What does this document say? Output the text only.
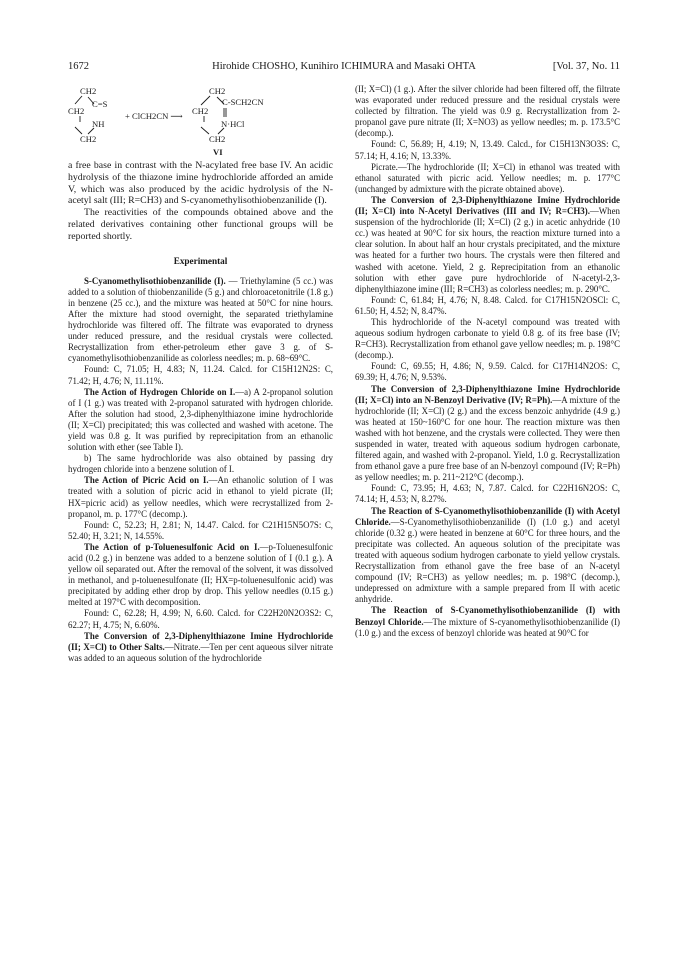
1672	Hirohide CHOSHO, Kunihiro ICHIMURA and Masaki OHTA	[Vol. 37, No. 11
CH2
C=S
CH2
NH
CH2
+ ClCH2CN ⟶
CH2
C-SCH2CN
CH2
N·HCl
CH2
VI

a free base in contrast with the N-acylated free base IV. An acidic hydrolysis of the thiazone imine hydrochloride afforded an amide V, which was also produced by the acidic hydrolysis of the N-acetyl salt (III; R=CH3) and S-cyanomethylisothiobenzanilide (I).

The reactivities of the compounds obtained above and the related derivatives containing other functional groups will be reported shortly.

Experimental

S-Cyanomethylisothiobenzanilide (I). — Triethylamine (5 cc.) was added to a solution of thiobenzanilide (5 g.) and chloroacetonitrile (1.8 g.) in benzene (25 cc.), and the mixture was heated at 50°C for nine hours. After the mixture had stood overnight, the separated triethylamine hydrochloride was filtered off. The filtrate was evaporated to dryness under reduced pressure, and the residual crystals were collected. Recrystallization from ether-petroleum ether gave 3 g. of S-cyanomethylisothiobenzanilide as colorless needles; m. p. 68~69°C.

Found: C, 71.05; H, 4.83; N, 11.24. Calcd. for C15H12N2S: C, 71.42; H, 4.76; N, 11.11%.

The Action of Hydrogen Chloride on I.—a) A 2-propanol solution of I (1 g.) was treated with 2-propanol saturated with hydrogen chloride. After the solution had stood, 2,3-diphenylthiazone imine hydrochloride (II; X=Cl) precipitated; this was collected and washed with acetone. The yield was 0.8 g. It was purified by reprecipitation from an ethanolic solution with ether (see Table I).

b) The same hydrochloride was also obtained by passing dry hydrogen chloride into a benzene solution of I.

The Action of Picric Acid on I.—An ethanolic solution of I was treated with a solution of picric acid in ethanol to yield picrate (II; HX=picric acid) as yellow needles, which were recrystallized from 2-propanol, m. p. 177°C (decomp.).

Found: C, 52.23; H, 2.81; N, 14.47. Calcd. for C21H15N5O7S: C, 52.40; H, 3.21; N, 14.55%.

The Action of p-Toluenesulfonic Acid on I.—p-Toluenesulfonic acid (0.2 g.) in benzene was added to a benzene solution of I (0.1 g.). A yellow oil separated out. After the removal of the solvent, it was dissolved in methanol, and p-toluenesulfonate (II; HX=p-toluenesulfonic acid) was precipitated by adding ether drop by drop. This yellow needles (0.15 g.) melted at 197°C with decomposition.

Found: C, 62.28; H, 4.99; N, 6.60. Calcd. for C22H20N2O3S2: C, 62.27; H, 4.75; N, 6.60%.

The Conversion of 2,3-Diphenylthiazone Imine Hydrochloride (II; X=Cl) to Other Salts.—Nitrate.—Ten per cent aqueous silver nitrate was added to an aqueous solution of the hydrochloride

(II; X=Cl) (1 g.). After the silver chloride had been filtered off, the filtrate was evaporated under reduced pressure and the residual crystals were collected by filtration. The yield was 0.9 g. Recrystallization from 2-propanol gave pure nitrate (II; X=NO3) as yellow needles; m. p. 173.5°C (decomp.).

Found: C, 56.89; H, 4.19; N, 13.49. Calcd., for C15H13N3O3S: C, 57.14; H, 4.16; N, 13.33%.

Picrate.—The hydrochloride (II; X=Cl) in ethanol was treated with ethanol saturated with picric acid. Yellow needles; m. p. 177°C (unchanged by admixture with the picrate obtained above).

The Conversion of 2,3-Diphenylthiazone Imine Hydrochloride (II; X=Cl) into N-Acetyl Derivatives (III and IV; R=CH3).—When suspension of the hydrochloride (II; X=Cl) (2 g.) in acetic anhydride (10 cc.) was heated at 90°C for six hours, the reaction mixture turned into a clear solution. In about half an hour crystals precipitated, and the mixture was heated for a further two hours. The crystals were then filtered and washed with acetone. Yield, 2 g. Reprecipitation from an ethanolic solution with ether gave pure hydrochloride of N-acetyl-2,3-diphenylthiazone imine (III; R=CH3) as colorless needles; m. p. 290°C.

Found: C, 61.84; H, 4.76; N, 8.48. Calcd. for C17H15N2OSCl: C, 61.50; H, 4.52; N, 8.47%.

This hydrochloride of the N-acetyl compound was treated with aqueous sodium hydrogen carbonate to yield 0.8 g. of its free base (IV; R=CH3). Recrystallization from ethanol gave yellow needles; m. p. 198°C (decomp.).

Found: C, 69.55; H, 4.86; N, 9.59. Calcd. for C17H14N2OS: C, 69.39; H, 4.76; N, 9.53%.

The Conversion of 2,3-Diphenylthiazone Imine Hydrochloride (II; X=Cl) into an N-Benzoyl Derivative (IV; R=Ph).—A mixture of the hydrochloride (II; X=Cl) (2 g.) and the excess benzoic anhydride (4.9 g.) was heated at 150~160°C for one hour. The reaction mixture was then washed with hot benzene, and the crystals were collected. They were then suspended in water, treated with aqueous sodium hydrogen carbonate, filtered again, and washed with 2-propanol. Yield, 1.0 g. Recrystallization from ethanol gave a pure free base of an N-benzoyl compound (IV; R=Ph) as yellow needles; m. p. 211~212°C (decomp.).

Found: C, 73.95; H, 4.63; N, 7.87. Calcd. for C22H16N2OS: C, 74.14; H, 4.53; N, 8.27%.

The Reaction of S-Cyanomethylisothiobenzanilide (I) with Acetyl Chloride.—S-Cyanomethylisothiobenzanilide (I) (1.0 g.) and acetyl chloride (0.32 g.) were heated in benzene at 60°C for three hours, and the precipitate was collected. An aqueous solution of the precipitate was treated with aqueous sodium hydrogen carbonate to yield yellow crystals. Recrystallization from ethanol gave the free base of an N-acetyl compound (IV; R=CH3) as yellow needles; m. p. 198°C (decomp.), undepressed on admixture with a sample prepared from II with acetic anhydride.

The Reaction of S-Cyanomethylisothiobenzanilide (I) with Benzoyl Chloride.—The mixture of S-cyanomethylisothiobenzanilide (I) (1.0 g.) and the excess of benzoyl chloride was heated at 90°C for
